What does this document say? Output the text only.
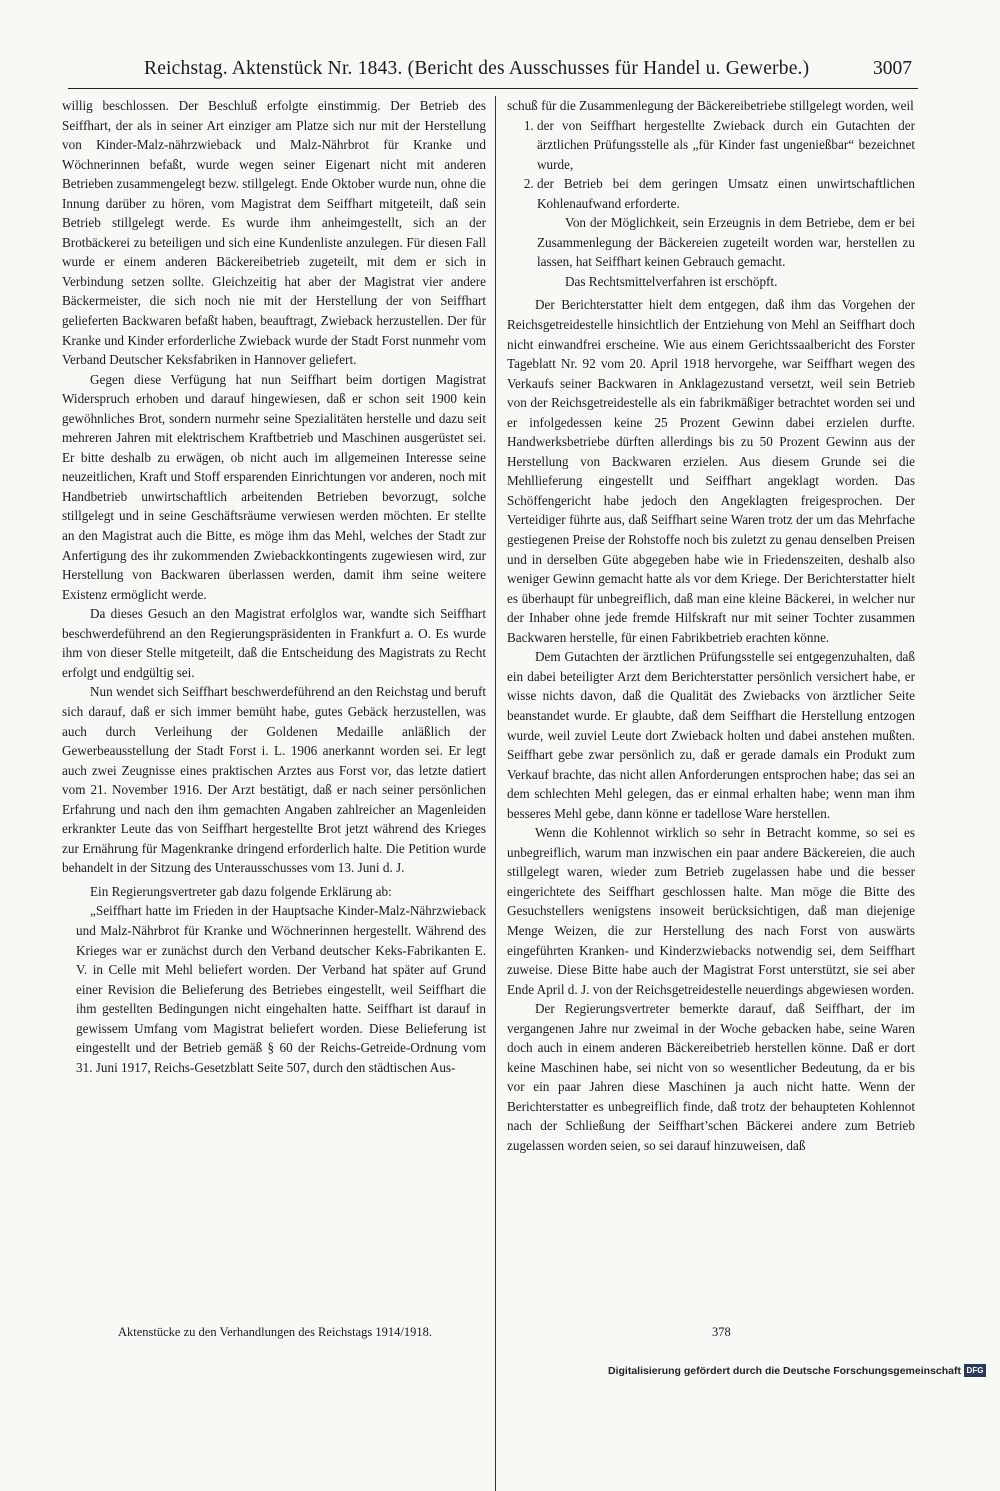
Reichstag. Aktenstück Nr. 1843. (Bericht des Ausschusses für Handel u. Gewerbe.)	3007

willig beschlossen. Der Beschluß erfolgte einstimmig. Der Betrieb des Seiffhart, der als in seiner Art einziger am Platze sich nur mit der Herstellung von Kinder-Malz-nährzwieback und Malz-Nährbrot für Kranke und Wöchnerinnen befaßt, wurde wegen seiner Eigenart nicht mit anderen Betrieben zusammengelegt bezw. stillgelegt. Ende Oktober wurde nun, ohne die Innung darüber zu hören, vom Magistrat dem Seiffhart mitgeteilt, daß sein Betrieb stillgelegt werde. Es wurde ihm anheimgestellt, sich an der Brotbäckerei zu beteiligen und sich eine Kundenliste anzulegen. Für diesen Fall wurde er einem anderen Bäckereibetrieb zugeteilt, mit dem er sich in Verbindung setzen sollte. Gleichzeitig hat aber der Magistrat vier andere Bäckermeister, die sich noch nie mit der Herstellung der von Seiffhart gelieferten Backwaren befaßt haben, beauftragt, Zwieback herzustellen. Der für Kranke und Kinder erforderliche Zwieback wurde der Stadt Forst nunmehr vom Verband Deutscher Keksfabriken in Hannover geliefert.

Gegen diese Verfügung hat nun Seiffhart beim dortigen Magistrat Widerspruch erhoben und darauf hingewiesen, daß er schon seit 1900 kein gewöhnliches Brot, sondern nurmehr seine Spezialitäten herstelle und dazu seit mehreren Jahren mit elektrischem Kraftbetrieb und Maschinen ausgerüstet sei. Er bitte deshalb zu erwägen, ob nicht auch im allgemeinen Interesse seine neuzeitlichen, Kraft und Stoff ersparenden Einrichtungen vor anderen, noch mit Handbetrieb unwirtschaftlich arbeitenden Betrieben bevorzugt, solche stillgelegt und in seine Geschäftsräume verwiesen werden möchten. Er stellte an den Magistrat auch die Bitte, es möge ihm das Mehl, welches der Stadt zur Anfertigung des ihr zukommenden Zwiebackkontingents zugewiesen wird, zur Herstellung von Backwaren überlassen werden, damit ihm seine weitere Existenz ermöglicht werde.

Da dieses Gesuch an den Magistrat erfolglos war, wandte sich Seiffhart beschwerdeführend an den Regierungspräsidenten in Frankfurt a. O. Es wurde ihm von dieser Stelle mitgeteilt, daß die Entscheidung des Magistrats zu Recht erfolgt und endgültig sei.

Nun wendet sich Seiffhart beschwerdeführend an den Reichstag und beruft sich darauf, daß er sich immer bemüht habe, gutes Gebäck herzustellen, was auch durch Verleihung der Goldenen Medaille anläßlich der Gewerbeausstellung der Stadt Forst i. L. 1906 anerkannt worden sei. Er legt auch zwei Zeugnisse eines praktischen Arztes aus Forst vor, das letzte datiert vom 21. November 1916. Der Arzt bestätigt, daß er nach seiner persönlichen Erfahrung und nach den ihm gemachten Angaben zahlreicher an Magenleiden erkrankter Leute das von Seiffhart hergestellte Brot jetzt während des Krieges zur Ernährung für Magenkranke dringend erforderlich halte. Die Petition wurde behandelt in der Sitzung des Unterausschusses vom 13. Juni d. J.

Ein Regierungsvertreter gab dazu folgende Erklärung ab:

„Seiffhart hatte im Frieden in der Hauptsache Kinder-Malz-Nährzwieback und Malz-Nährbrot für Kranke und Wöchnerinnen hergestellt. Während des Krieges war er zunächst durch den Verband deutscher Keks-Fabrikanten E. V. in Celle mit Mehl beliefert worden. Der Verband hat später auf Grund einer Revision die Belieferung des Betriebes eingestellt, weil Seiffhart die ihm gestellten Bedingungen nicht eingehalten hatte. Seiffhart ist darauf in gewissem Umfang vom Magistrat beliefert worden. Diese Belieferung ist eingestellt und der Betrieb gemäß § 60 der Reichs-Getreide-Ordnung vom 31. Juni 1917, Reichs-Gesetzblatt Seite 507, durch den städtischen Aus-

schuß für die Zusammenlegung der Bäckereibetriebe stillgelegt worden, weil

1. der von Seiffhart hergestellte Zwieback durch ein Gutachten der ärztlichen Prüfungsstelle als „für Kinder fast ungenießbar“ bezeichnet wurde,
2. der Betrieb bei dem geringen Umsatz einen unwirtschaftlichen Kohlenaufwand erforderte.

Von der Möglichkeit, sein Erzeugnis in dem Betriebe, dem er bei Zusammenlegung der Bäckereien zugeteilt worden war, herstellen zu lassen, hat Seiffhart keinen Gebrauch gemacht.

Das Rechtsmittelverfahren ist erschöpft.

Der Berichterstatter hielt dem entgegen, daß ihm das Vorgehen der Reichsgetreidestelle hinsichtlich der Entziehung von Mehl an Seiffhart doch nicht einwandfrei erscheine. Wie aus einem Gerichtssaalbericht des Forster Tageblatt Nr. 92 vom 20. April 1918 hervorgehe, war Seiffhart wegen des Verkaufs seiner Backwaren in Anklagezustand versetzt, weil sein Betrieb von der Reichsgetreidestelle als ein fabrikmäßiger betrachtet worden sei und er infolgedessen keine 25 Prozent Gewinn dabei erzielen durfte. Handwerksbetriebe dürften allerdings bis zu 50 Prozent Gewinn aus der Herstellung von Backwaren erzielen. Aus diesem Grunde sei die Mehllieferung eingestellt und Seiffhart angeklagt worden. Das Schöffengericht habe jedoch den Angeklagten freigesprochen. Der Verteidiger führte aus, daß Seiffhart seine Waren trotz der um das Mehrfache gestiegenen Preise der Rohstoffe noch bis zuletzt zu genau denselben Preisen und in derselben Güte abgegeben habe wie in Friedenszeiten, deshalb also weniger Gewinn gemacht hatte als vor dem Kriege. Der Berichterstatter hielt es überhaupt für unbegreiflich, daß man eine kleine Bäckerei, in welcher nur der Inhaber ohne jede fremde Hilfskraft nur mit seiner Tochter zusammen Backwaren herstelle, für einen Fabrikbetrieb erachten könne.

Dem Gutachten der ärztlichen Prüfungsstelle sei entgegenzuhalten, daß ein dabei beteiligter Arzt dem Berichterstatter persönlich versichert habe, er wisse nichts davon, daß die Qualität des Zwiebacks von ärztlicher Seite beanstandet wurde. Er glaubte, daß dem Seiffhart die Herstellung entzogen wurde, weil zuviel Leute dort Zwieback holten und dabei anstehen mußten. Seiffhart gebe zwar persönlich zu, daß er gerade damals ein Produkt zum Verkauf brachte, das nicht allen Anforderungen entsprochen habe; das sei an dem schlechten Mehl gelegen, das er einmal erhalten habe; wenn man ihm besseres Mehl gebe, dann könne er tadellose Ware herstellen.

Wenn die Kohlennot wirklich so sehr in Betracht komme, so sei es unbegreiflich, warum man inzwischen ein paar andere Bäckereien, die auch stillgelegt waren, wieder zum Betrieb zugelassen habe und die besser eingerichtete des Seiffhart geschlossen halte. Man möge die Bitte des Gesuchstellers wenigstens insoweit berücksichtigen, daß man diejenige Menge Weizen, die zur Herstellung des nach Forst von auswärts eingeführten Kranken- und Kinderzwiebacks notwendig sei, dem Seiffhart zuweise. Diese Bitte habe auch der Magistrat Forst unterstützt, sie sei aber Ende April d. J. von der Reichsgetreidestelle neuerdings abgewiesen worden.

Der Regierungsvertreter bemerkte darauf, daß Seiffhart, der im vergangenen Jahre nur zweimal in der Woche gebacken habe, seine Waren doch auch in einem anderen Bäckereibetrieb herstellen könne. Daß er dort keine Maschinen habe, sei nicht von so wesentlicher Bedeutung, da er bis vor ein paar Jahren diese Maschinen ja auch nicht hatte. Wenn der Berichterstatter es unbegreiflich finde, daß trotz der behaupteten Kohlennot nach der Schließung der Seiffhart’schen Bäckerei andere zum Betrieb zugelassen worden seien, so sei darauf hinzuweisen, daß

Aktenstücke zu den Verhandlungen des Reichstags 1914/1918.	378
Digitalisierung gefördert durch die Deutsche Forschungsgemeinschaft DFG
